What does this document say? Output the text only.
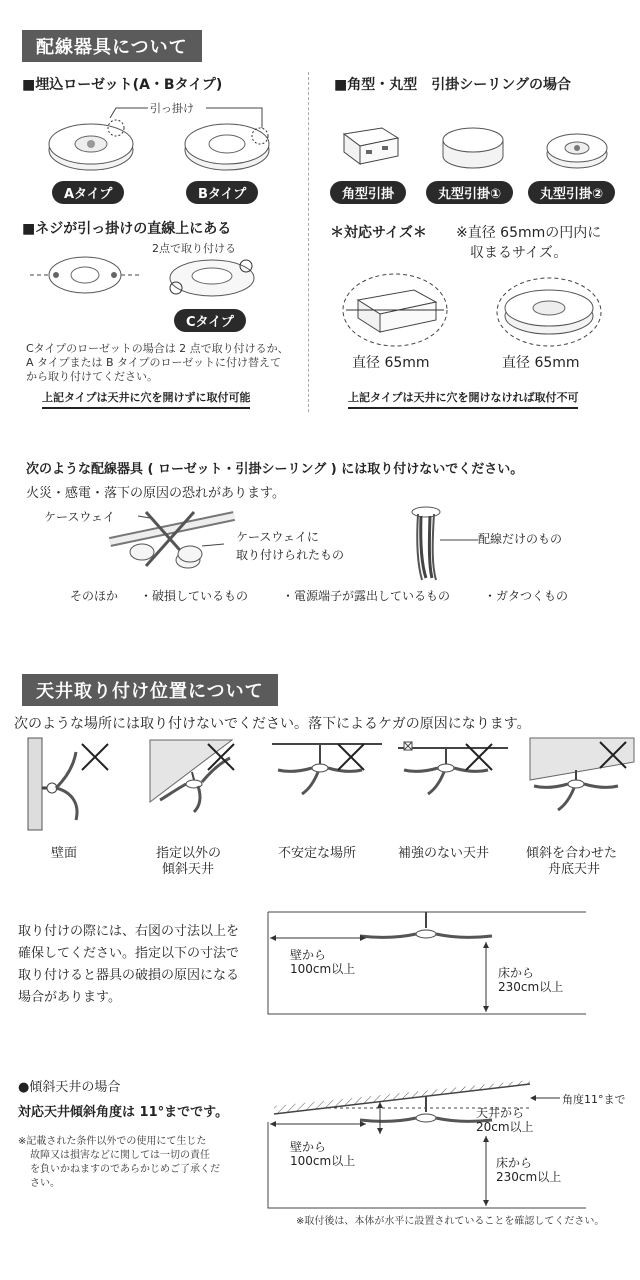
配線器具について
■埋込ローゼット(A・Bタイプ)
引っ掛け
Aタイプ	Bタイプ
■ネジが引っ掛けの直線上にある
2点で取り付ける
Cタイプ
Cタイプのローゼットの場合は 2 点で取り付けるか、
A タイプまたは B タイプのローゼットに付け替えて
から取り付けてください。
上記タイプは天井に穴を開けずに取付可能
■角型・丸型　引掛シーリングの場合
角型引掛	丸型引掛①	丸型引掛②
＊対応サイズ＊ ※直径 65mmの円内に
収まるサイズ。
直径 65mm	直径 65mm
上記タイプは天井に穴を開けなければ取付不可
次のような配線器具 ( ローゼット・引掛シーリング ) には取り付けないでください。
火災・感電・落下の原因の恐れがあります。
ケースウェイ
ケースウェイに
取り付けられたもの
配線だけのもの
そのほか ・破損しているもの	・電源端子が露出しているもの	・ガタつくもの
天井取り付け位置について
次のような場所には取り付けないでください。落下によるケガの原因になります。
壁面	指定以外の
傾斜天井
不安定な場所	補強のない天井	傾斜を合わせた
舟底天井
取り付けの際には、右図の寸法以上を
確保してください。指定以下の寸法で
取り付けると器具の破損の原因になる
場合があります。
壁から
100cm以上	床から
230cm以上
●傾斜天井の場合
対応天井傾斜角度は 11°までです。
※記載された条件以外での使用にて生じた
故障又は損害などに関しては一切の責任
を負いかねますのであらかじめご了承くだ
さい。
角度11°まで
天井から
20cm以上
壁から
100cm以上	床から
230cm以上
※取付後は、本体が水平に設置されていることを確認してください。
